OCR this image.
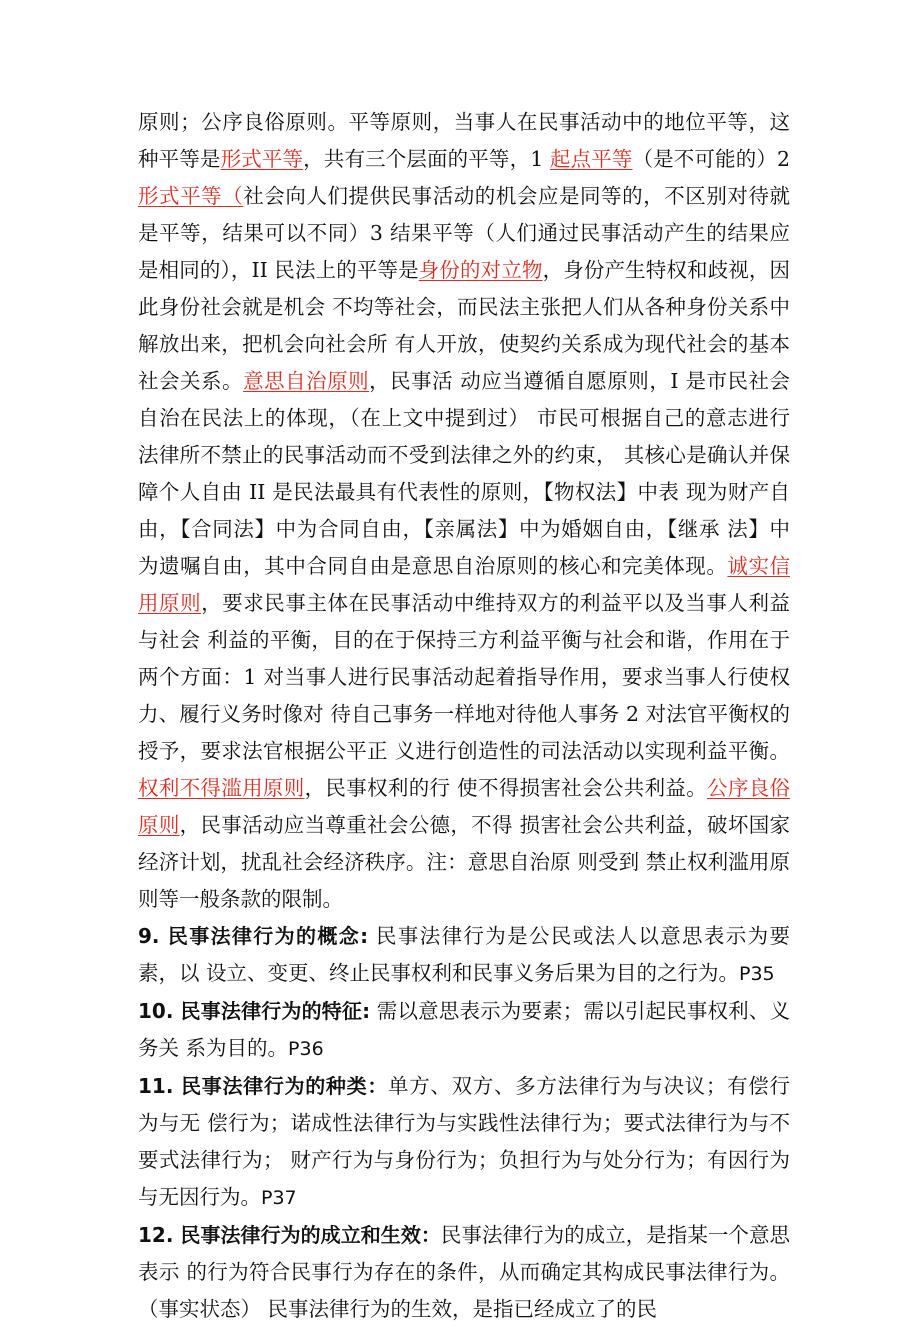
原则；公序良俗原则。平等原则，当事人在民事活动中的地位平等，这种平等是形式平等，共有三个层面的平等，1 起点平等（是不可能的）2 形式平等（社会向人们提供民事活动的机会应是同等的，不区别对待就是平等，结果可以不同）3 结果平等（人们通过民事活动产生的结果应是相同的），II 民法上的平等是身份的对立物，身份产生特权和歧视，因此身份社会就是机会 不均等社会，而民法主张把人们从各种身份关系中解放出来，把机会向社会所 有人开放，使契约关系成为现代社会的基本社会关系。意思自治原则，民事活 动应当遵循自愿原则，I 是市民社会自治在民法上的体现，（在上文中提到过） 市民可根据自己的意志进行法律所不禁止的民事活动而不受到法律之外的约束， 其核心是确认并保障个人自由 II 是民法最具有代表性的原则，【物权法】中表 现为财产自由，【合同法】中为合同自由，【亲属法】中为婚姻自由，【继承 法】中为遗嘱自由，其中合同自由是意思自治原则的核心和完美体现。诚实信 用原则，要求民事主体在民事活动中维持双方的利益平以及当事人利益与社会 利益的平衡，目的在于保持三方利益平衡与社会和谐，作用在于两个方面：1 对当事人进行民事活动起着指导作用，要求当事人行使权力、履行义务时像对 待自己事务一样地对待他人事务 2 对法官平衡权的授予，要求法官根据公平正 义进行创造性的司法活动以实现利益平衡。权利不得滥用原则，民事权利的行 使不得损害社会公共利益。公序良俗原则，民事活动应当尊重社会公德，不得 损害社会公共利益，破坏国家经济计划，扰乱社会经济秩序。注：意思自治原 则受到 禁止权利滥用原则等一般条款的限制。

9. 民事法律行为的概念: 民事法律行为是公民或法人以意思表示为要素，以 设立、变更、终止民事权利和民事义务后果为目的之行为。P35

10. 民事法律行为的特征: 需以意思表示为要素；需以引起民事权利、义务关 系为目的。P36

11. 民事法律行为的种类：单方、双方、多方法律行为与决议；有偿行为与无 偿行为；诺成性法律行为与实践性法律行为；要式法律行为与不要式法律行为； 财产行为与身份行为；负担行为与处分行为；有因行为与无因行为。P37

12. 民事法律行为的成立和生效：民事法律行为的成立，是指某一个意思表示 的行为符合民事行为存在的条件，从而确定其构成民事法律行为。（事实状态） 民事法律行为的生效，是指已经成立了的民
